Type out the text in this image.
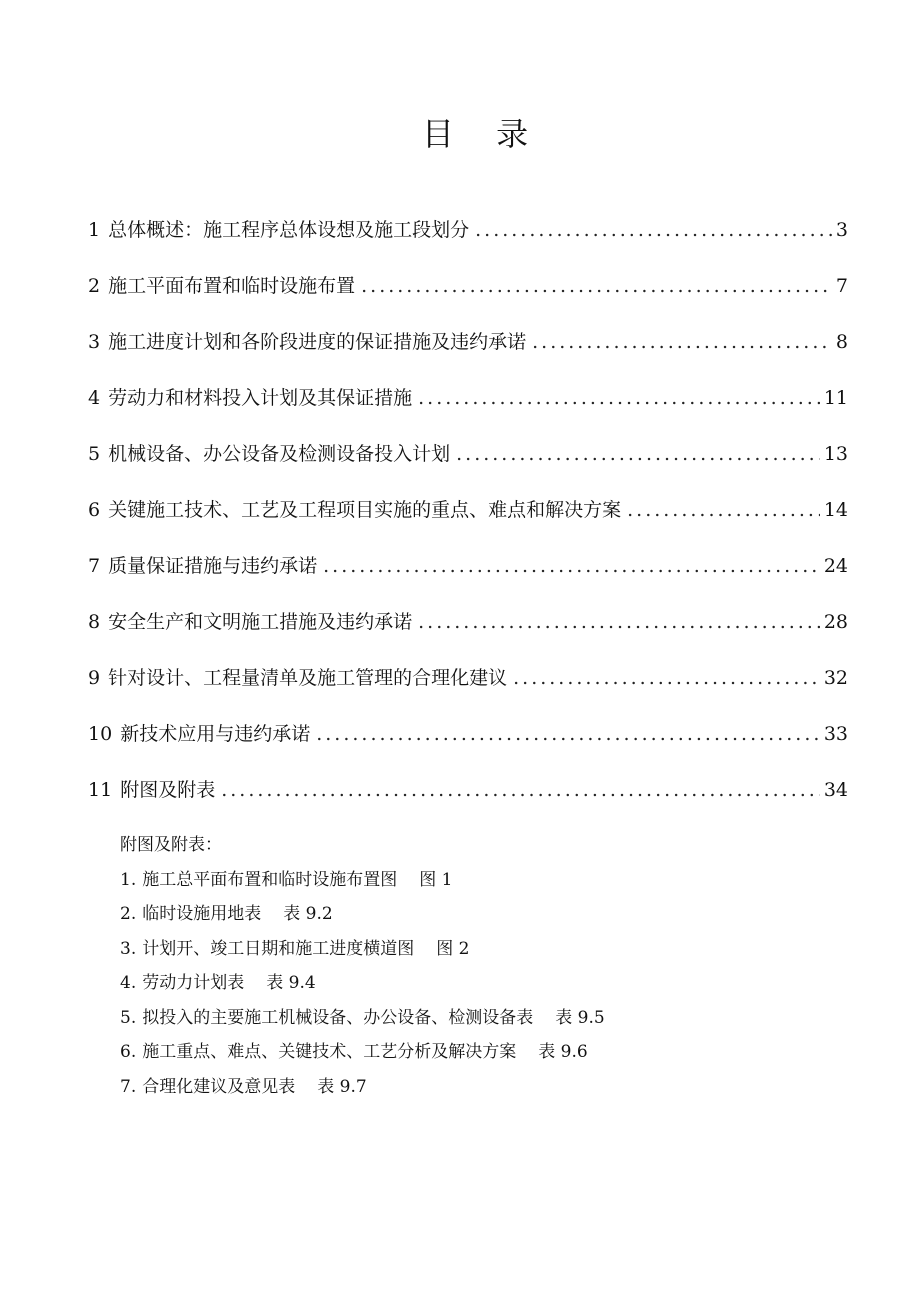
目 录
1 总体概述：施工程序总体设想及施工段划分 .....	3
2 施工平面布置和临时设施布置 .....	7
3 施工进度计划和各阶段进度的保证措施及违约承诺 .....	8
4 劳动力和材料投入计划及其保证措施 .....	11
5 机械设备、办公设备及检测设备投入计划 .....	13
6 关键施工技术、工艺及工程项目实施的重点、难点和解决方案 .....	14
7 质量保证措施与违约承诺 .....	24
8 安全生产和文明施工措施及违约承诺 .....	28
9 针对设计、工程量清单及施工管理的合理化建议 .....	32
10 新技术应用与违约承诺 .....	33
11 附图及附表 .....	34
附图及附表：
1. 施工总平面布置和临时设施布置图 图 1
2. 临时设施用地表 表 9.2
3. 计划开、竣工日期和施工进度横道图 图 2
4. 劳动力计划表 表 9.4
5. 拟投入的主要施工机械设备、办公设备、检测设备表 表 9.5
6. 施工重点、难点、关键技术、工艺分析及解决方案 表 9.6
7. 合理化建议及意见表 表 9.7
